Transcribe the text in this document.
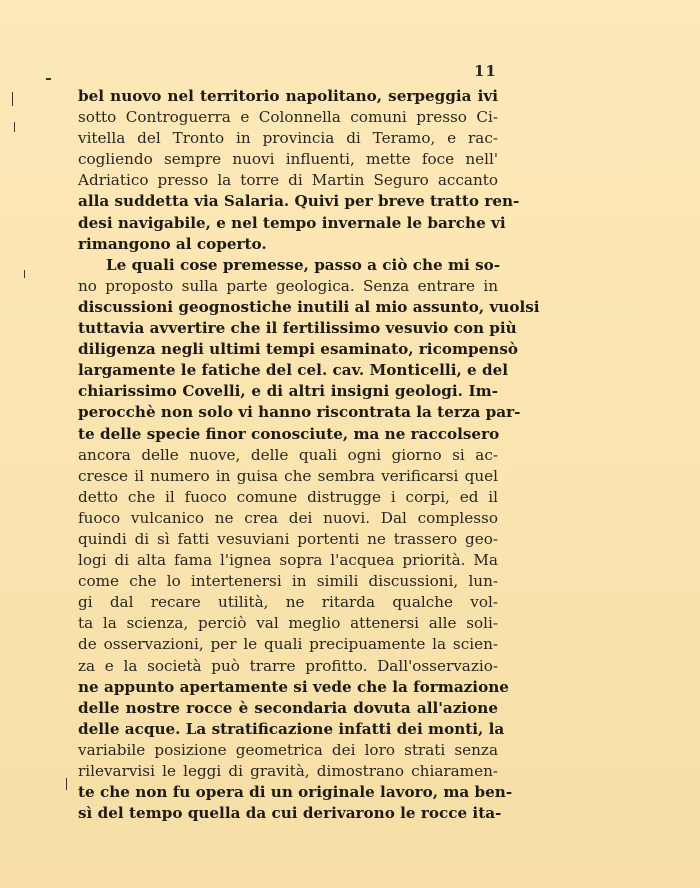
11
bel nuovo nel territorio napolitano, serpeggia ivi
sotto Controguerra e Colonnella comuni presso Ci-
vitella del Tronto in provincia di Teramo, e rac-
cogliendo sempre nuovi influenti, mette foce nell'
Adriatico presso la torre di Martin Seguro accanto
alla suddetta via Salaria. Quivi per breve tratto ren-
desi navigabile, e nel tempo invernale le barche vi
rimangono al coperto.
Le quali cose premesse, passo a ciò che mi so-
no proposto sulla parte geologica. Senza entrare in
discussioni geognostiche inutili al mio assunto, vuolsi
tuttavia avvertire che il fertilissimo vesuvio con più
diligenza negli ultimi tempi esaminato, ricompensò
largamente le fatiche del cel. cav. Monticelli, e del
chiarissimo Covelli, e di altri insigni geologi. Im-
perocchè non solo vi hanno riscontrata la terza par-
te delle specie finor conosciute, ma ne raccolsero
ancora delle nuove, delle quali ogni giorno si ac-
cresce il numero in guisa che sembra verificarsi quel
detto che il fuoco comune distrugge i corpi, ed il
fuoco vulcanico ne crea dei nuovi. Dal complesso
quindi di sì fatti vesuviani portenti ne trassero geo-
logi di alta fama l'ignea sopra l'acquea priorità. Ma
come che lo intertenersi in simili discussioni, lun-
gi dal recare utilità, ne ritarda qualche vol-
ta la scienza, perciò val meglio attenersi alle soli-
de osservazioni, per le quali precipuamente la scien-
za e la società può trarre profitto. Dall'osservazio-
ne appunto apertamente si vede che la formazione
delle nostre rocce è secondaria dovuta all'azione
delle acque. La stratificazione infatti dei monti, la
variabile posizione geometrica dei loro strati senza
rilevarvisi le leggi di gravità, dimostrano chiaramen-
te che non fu opera di un originale lavoro, ma ben-
sì del tempo quella da cui derivarono le rocce ita-
